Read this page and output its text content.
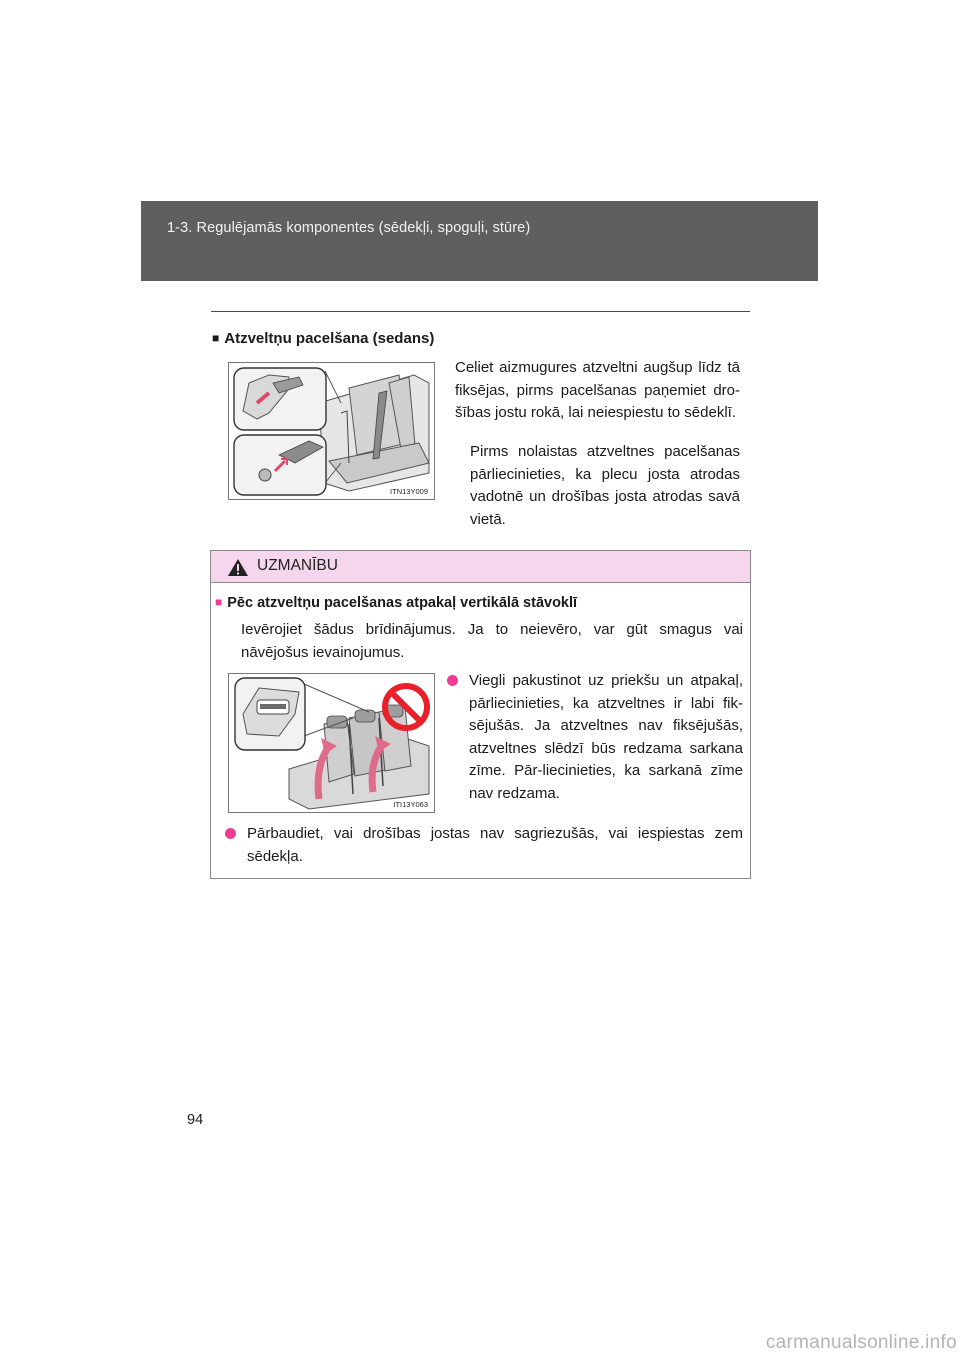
1-3. Regulējamās komponentes (sēdekļi, spoguļi, stūre)
■ Atzveltņu pacelšana (sedans)
ITN13Y009
Celiet aizmugures atzveltni augšup līdz tā fiksējas, pirms pacelšanas paņemiet dro-šības jostu rokā, lai neiespiestu to sēdeklī.
Pirms nolaistas atzveltnes pacelšanas pārliecinieties, ka plecu josta atrodas vadotnē un drošības josta atrodas savā vietā.
UZMANĪBU
■ Pēc atzveltņu pacelšanas atpakaļ vertikālā stāvoklī
Ievērojiet šādus brīdinājumus. Ja to neievēro, var gūt smagus vai nāvējošus ievainojumus.
Viegli pakustinot uz priekšu un atpakaļ, pārliecinieties, ka atzveltnes ir labi fik-sējušās. Ja atzveltnes nav fiksējušās, atzveltnes slēdzī būs redzama sarkana zīme. Pār-liecinieties, ka sarkanā zīme nav redzama.
Pārbaudiet, vai drošības jostas nav sagriezušās, vai iespiestas zem sēdekļa.
ITI13Y063
94
carmanualsonline.info
